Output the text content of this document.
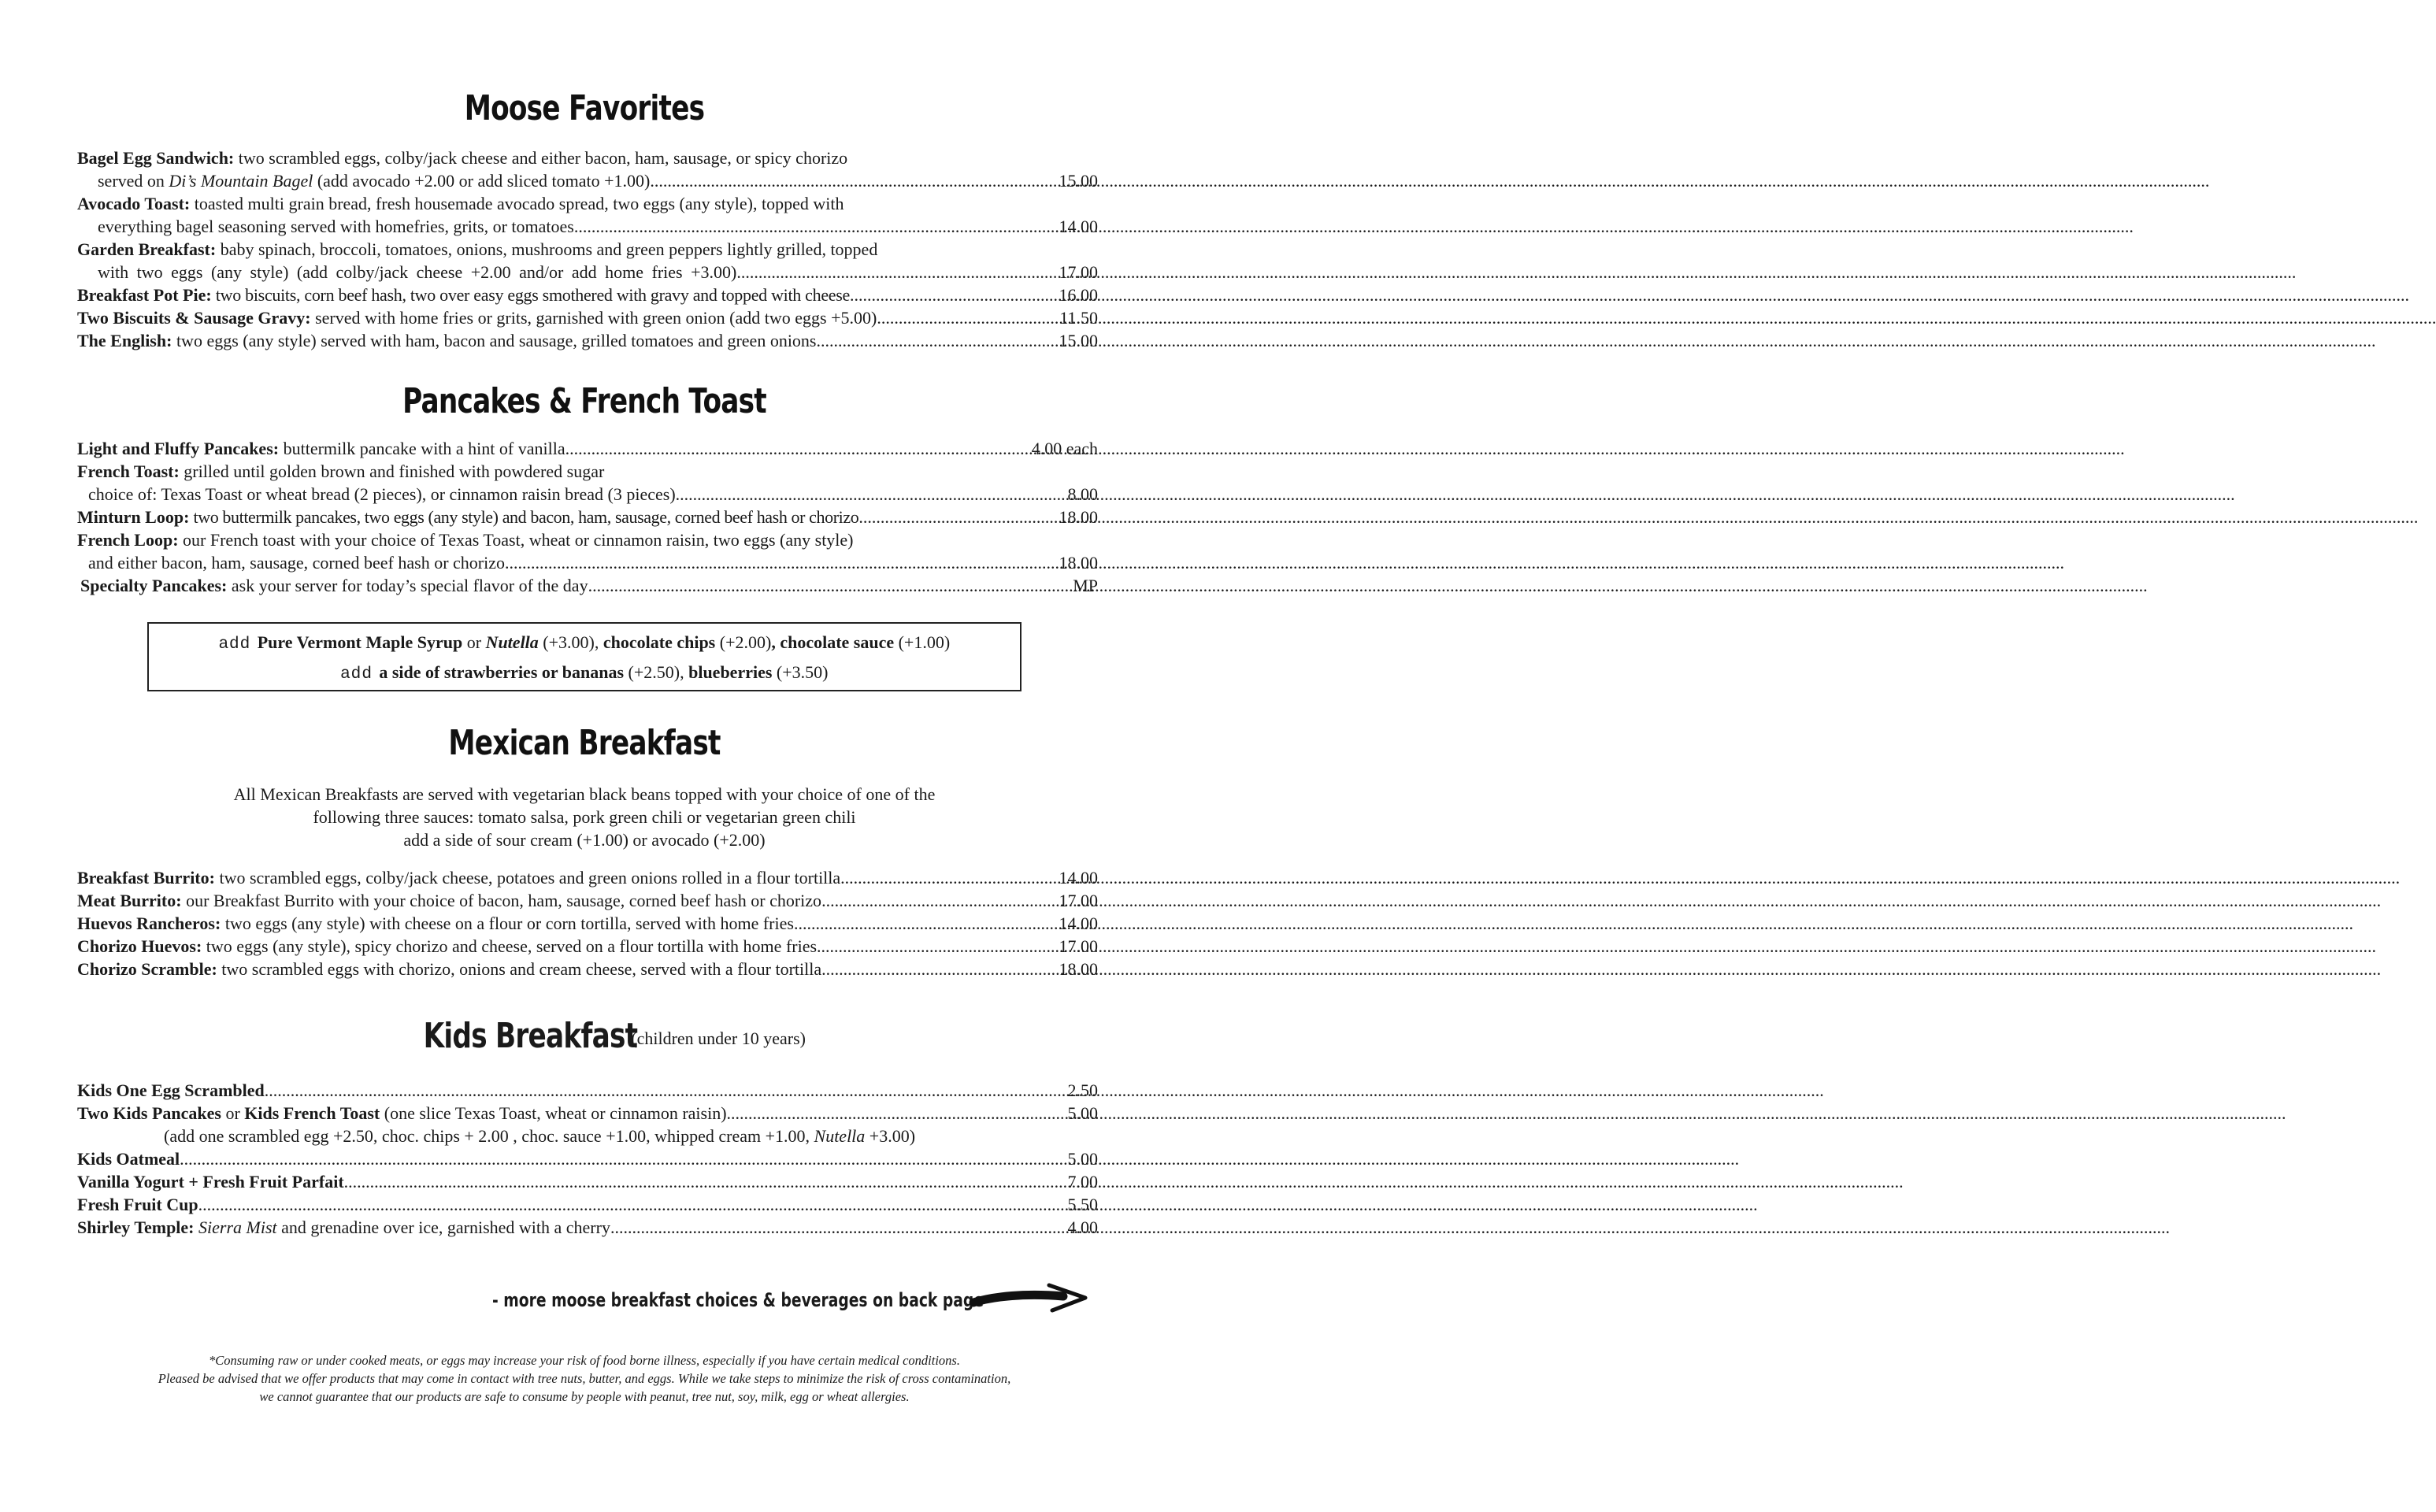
Moose Favorites
Bagel Egg Sandwich: two scrambled eggs, colby/jack cheese and either bacon, ham, sausage, or spicy chorizo
served on Di’s Mountain Bagel (add avocado +2.00 or add sliced tomato +1.00) .....	15.00
Avocado Toast: toasted multi grain bread, fresh housemade avocado spread, two eggs (any style), topped with
everything bagel seasoning served with homefries, grits, or tomatoes .....	14.00
Garden Breakfast: baby spinach, broccoli, tomatoes, onions, mushrooms and green peppers lightly grilled, topped
with two eggs (any style) (add colby/jack cheese +2.00 and/or add home fries +3.00) .....	17.00
Breakfast Pot Pie: two biscuits, corn beef hash, two over easy eggs smothered with gravy and topped with cheese .....	16.00
Two Biscuits & Sausage Gravy: served with home fries or grits, garnished with green onion (add two eggs +5.00) .....	11.50
The English: two eggs (any style) served with ham, bacon and sausage, grilled tomatoes and green onions .....	15.00
Pancakes & French Toast
Light and Fluffy Pancakes: buttermilk pancake with a hint of vanilla .....	4.00 each
French Toast: grilled until golden brown and finished with powdered sugar
choice of: Texas Toast or wheat bread (2 pieces), or cinnamon raisin bread (3 pieces) .....	8.00
Minturn Loop: two buttermilk pancakes, two eggs (any style) and bacon, ham, sausage, corned beef hash or chorizo .....	18.00
French Loop: our French toast with your choice of Texas Toast, wheat or cinnamon raisin, two eggs (any style)
and either bacon, ham, sausage, corned beef hash or chorizo .....	18.00
Specialty Pancakes: ask your server for today’s special flavor of the day .....	MP
add Pure Vermont Maple Syrup or Nutella (+3.00), chocolate chips (+2.00), chocolate sauce (+1.00)
add a side of strawberries or bananas (+2.50), blueberries (+3.50)
Mexican Breakfast
All Mexican Breakfasts are served with vegetarian black beans topped with your choice of one of the
following three sauces: tomato salsa, pork green chili or vegetarian green chili
add a side of sour cream (+1.00) or avocado (+2.00)
Breakfast Burrito: two scrambled eggs, colby/jack cheese, potatoes and green onions rolled in a flour tortilla .....	14.00
Meat Burrito: our Breakfast Burrito with your choice of bacon, ham, sausage, corned beef hash or chorizo .....	17.00
Huevos Rancheros: two eggs (any style) with cheese on a flour or corn tortilla, served with home fries .....	14.00
Chorizo Huevos: two eggs (any style), spicy chorizo and cheese, served on a flour tortilla with home fries .....	17.00
Chorizo Scramble: two scrambled eggs with chorizo, onions and cream cheese, served with a flour tortilla .....	18.00
Kids Breakfast (children under 10 years)
Kids One Egg Scrambled .....	2.50
Two Kids Pancakes or Kids French Toast (one slice Texas Toast, wheat or cinnamon raisin) .....	5.00
(add one scrambled egg +2.50, choc. chips + 2.00 , choc. sauce +1.00, whipped cream +1.00, Nutella +3.00)
Kids Oatmeal .....	5.00
Vanilla Yogurt + Fresh Fruit Parfait .....	7.00
Fresh Fruit Cup .....	5.50
Shirley Temple: Sierra Mist and grenadine over ice, garnished with a cherry .....	4.00
- more moose breakfast choices & beverages on back page
*Consuming raw or under cooked meats, or eggs may increase your risk of food borne illness, especially if you have certain medical conditions.
Pleased be advised that we offer products that may come in contact with tree nuts, butter, and eggs. While we take steps to minimize the risk of cross contamination,
we cannot guarantee that our products are safe to consume by people with peanut, tree nut, soy, milk, egg or wheat allergies.
